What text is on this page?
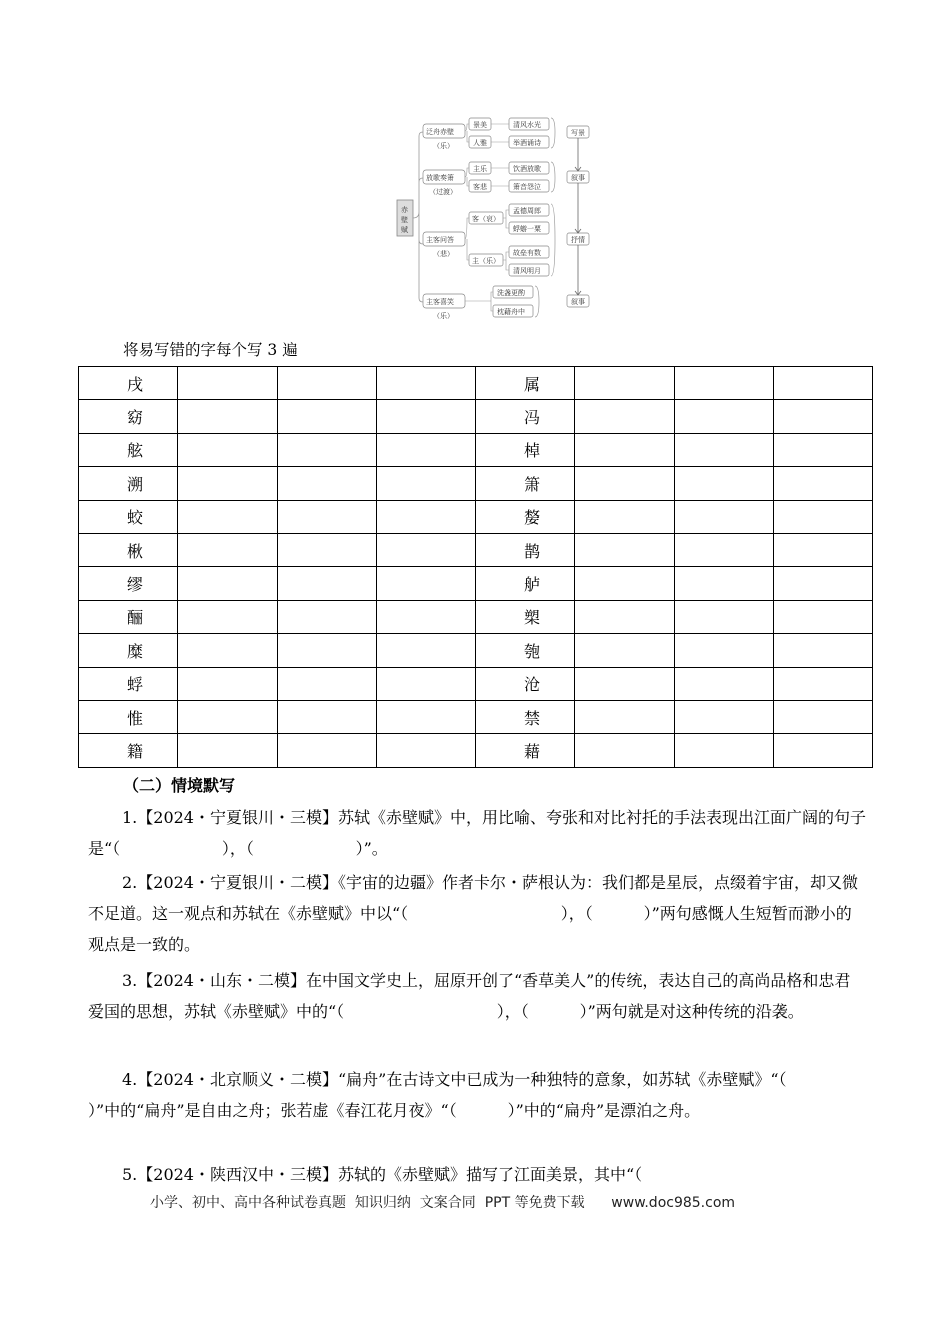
赤
壁
赋
泛舟赤壁
（乐）
景美
人雅
清风水光
举酒诵诗
放歌奏箫
（过渡）
主乐
客悲
饮酒放歌
箫音怨泣
主客问答
（悲）
客（哀）
主（乐）
孟德周郎
蜉蝣一粟
故垒有数
清风明月
主客喜笑
（乐）
洗盏更酌
枕藉舟中
写景
叙事
抒情
叙事
将易写错的字每个写 3 遍
戌				属			
窈				冯			
舷				棹			
溯				箫			
蛟				嫠			
楸				鹊			
缪				舻			
酾				槊			
糜				匏			
蜉				沧			
惟				禁			
籍				藉			
（二）情境默写
1.【2024・宁夏银川・三模】苏轼《赤壁赋》中，用比喻、夸张和对比衬托的手法表现出江面广阔的句子是“（                    ），（                    ）”。
2.【2024・宁夏银川・二模】《宇宙的边疆》作者卡尔・萨根认为：我们都是星辰，点缀着宇宙，却又微不足道。这一观点和苏轼在《赤壁赋》中以“（                              ），（          ）”两句感慨人生短暂而渺小的观点是一致的。
3.【2024・山东・二模】在中国文学史上，屈原开创了“香草美人”的传统，表达自己的高尚品格和忠君爱国的思想，苏轼《赤壁赋》中的“（                              ），（          ）”两句就是对这种传统的沿袭。
4.【2024・北京顺义・二模】“扁舟”在古诗文中已成为一种独特的意象，如苏轼《赤壁赋》“（                    ）”中的“扁舟”是自由之舟；张若虚《春江花月夜》“（          ）”中的“扁舟”是漂泊之舟。
5.【2024・陕西汉中・三模】苏轼的《赤壁赋》描写了江面美景，其中“（
小学、初中、高中各种试卷真题  知识归纳  文案合同  PPT 等免费下载      www.doc985.com
